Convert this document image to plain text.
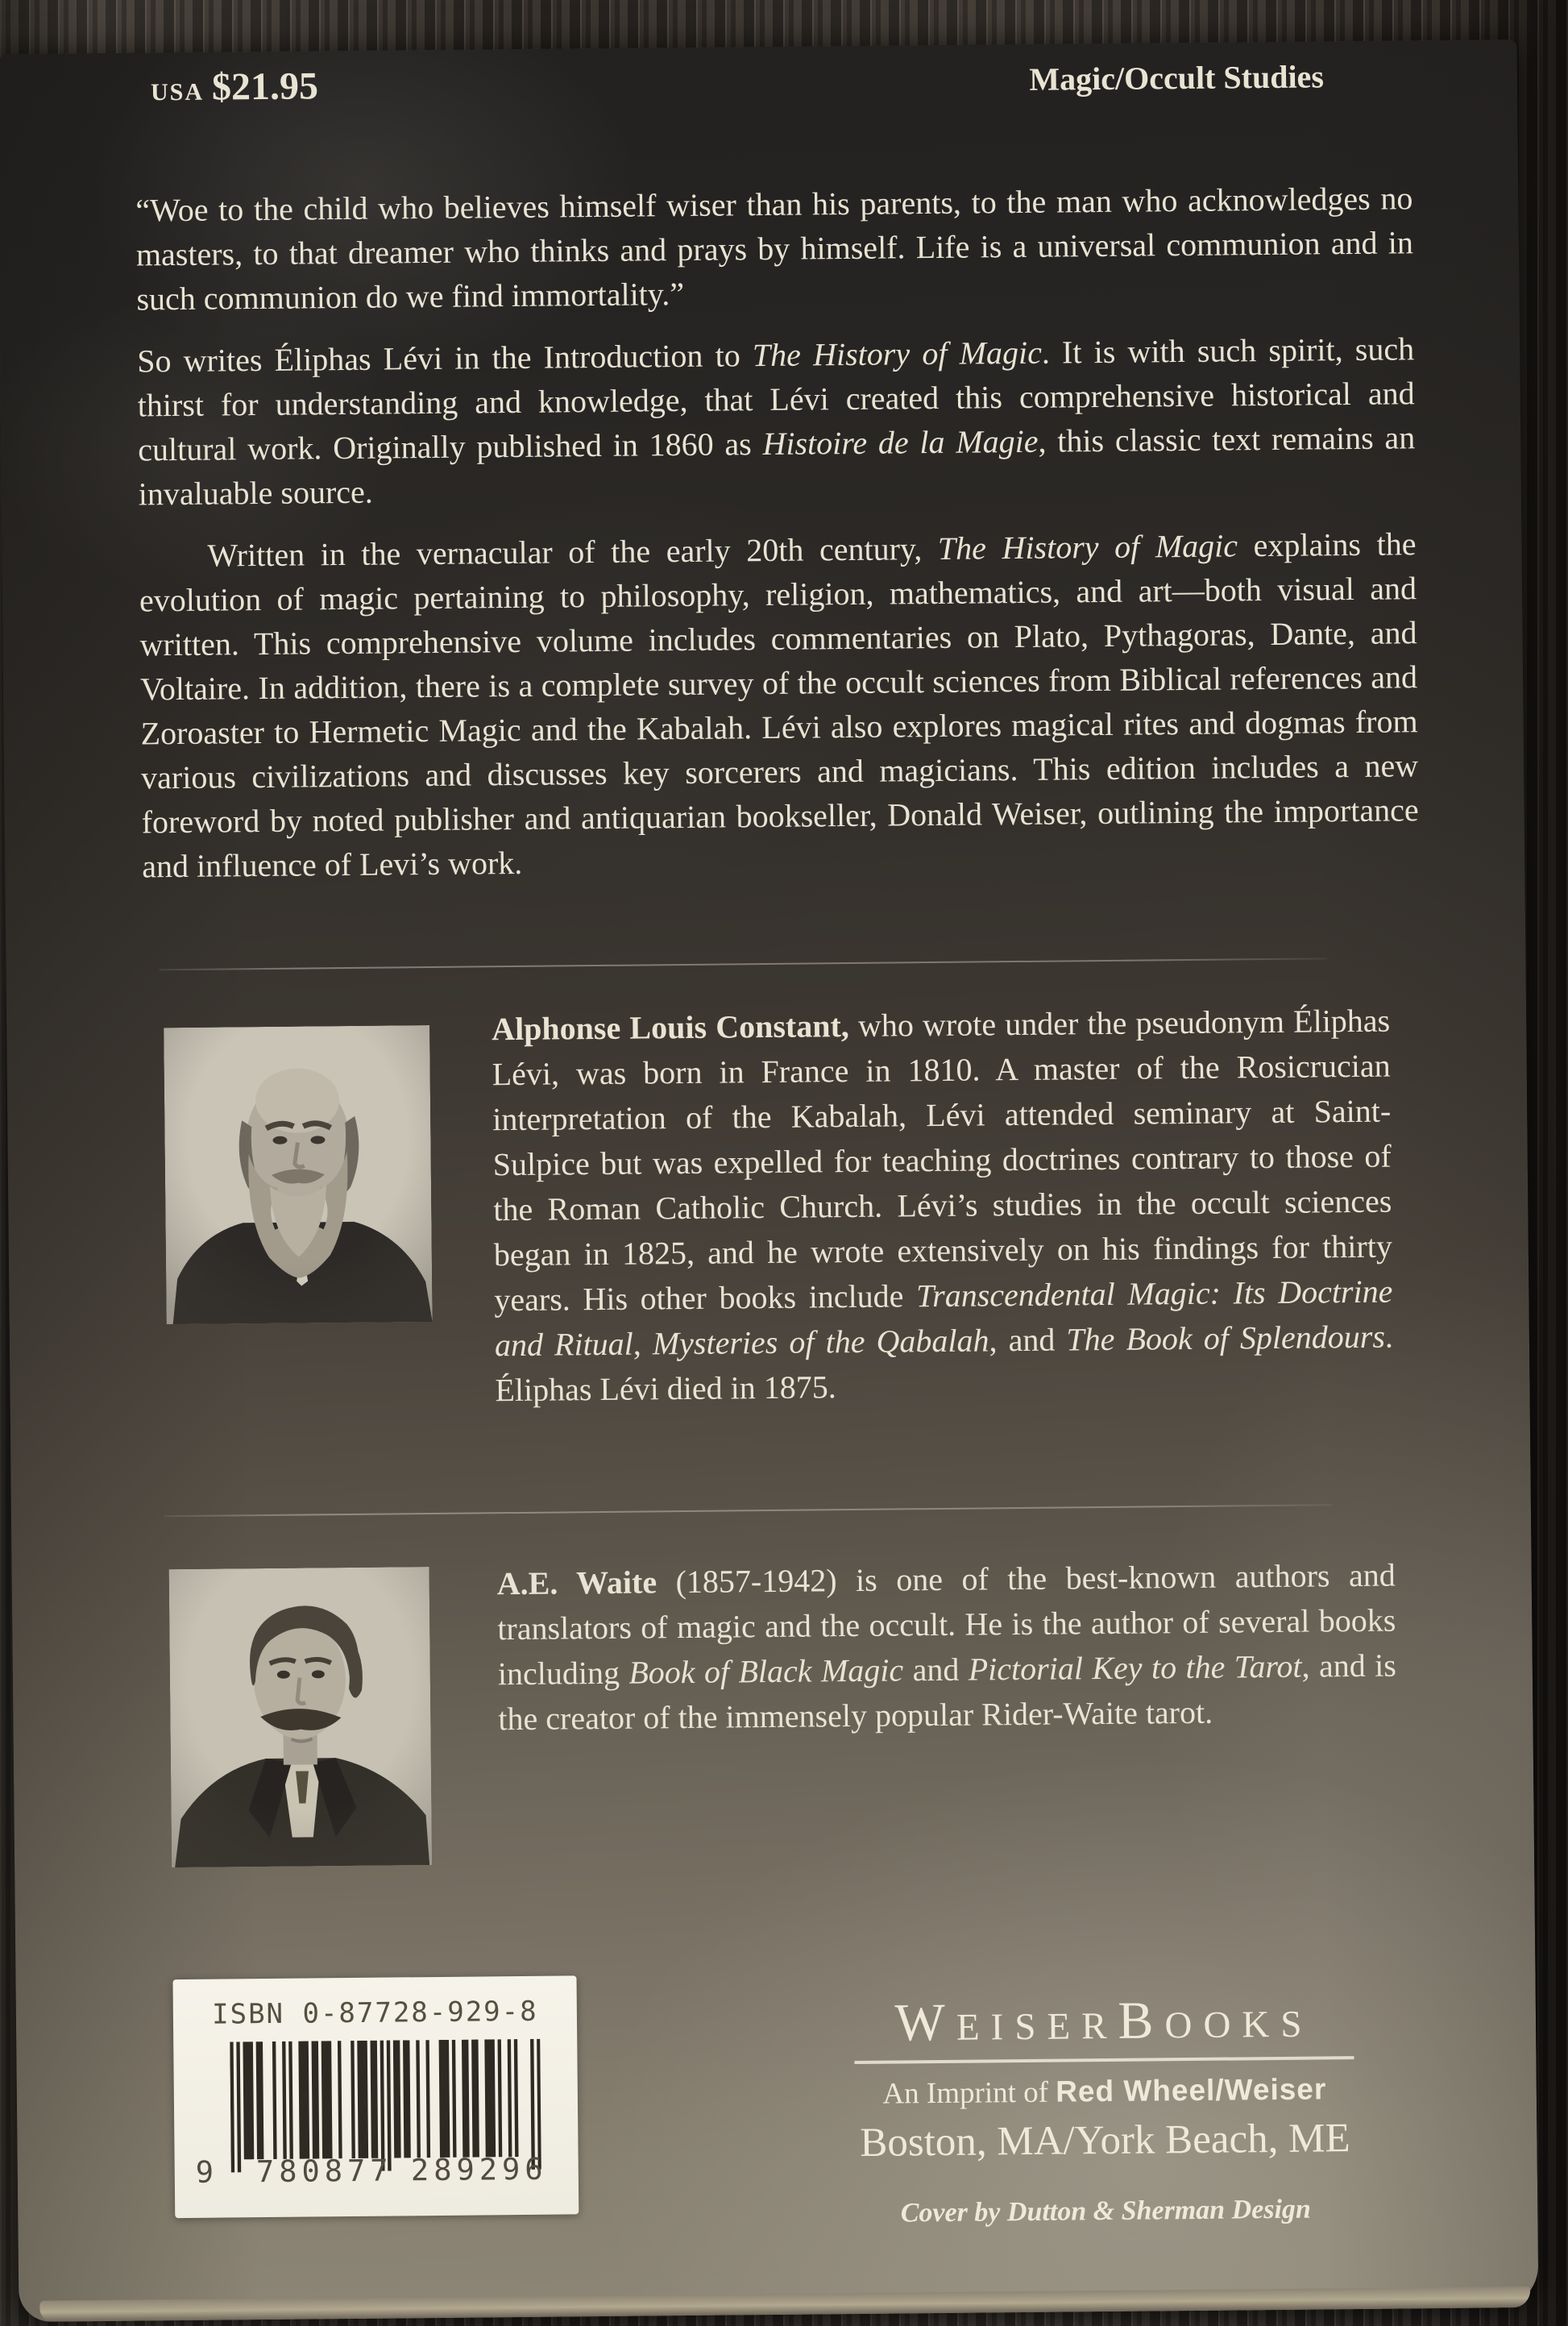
USA $21.95	Magic/Occult Studies

“Woe to the child who believes himself wiser than his parents, to the man who acknowledges no masters, to that dreamer who thinks and prays by himself. Life is a universal communion and in such communion do we find immortality.”

So writes Éliphas Lévi in the Introduction to The History of Magic. It is with such spirit, such thirst for understanding and knowledge, that Lévi created this comprehensive historical and cultural work. Originally published in 1860 as Histoire de la Magie, this classic text remains an invaluable source.

Written in the vernacular of the early 20th century, The History of Magic explains the evolution of magic pertaining to philosophy, religion, mathematics, and art—both visual and written. This comprehensive volume includes commentaries on Plato, Pythagoras, Dante, and Voltaire. In addition, there is a complete survey of the occult sciences from Biblical references and Zoroaster to Hermetic Magic and the Kabalah. Lévi also explores magical rites and dogmas from various civilizations and discusses key sorcerers and magicians. This edition includes a new foreword by noted publisher and antiquarian bookseller, Donald Weiser, outlining the importance and influence of Levi’s work.

Alphonse Louis Constant, who wrote under the pseudonym Éliphas Lévi, was born in France in 1810. A master of the Rosicrucian interpretation of the Kabalah, Lévi attended seminary at Saint-Sulpice but was expelled for teaching doctrines contrary to those of the Roman Catholic Church. Lévi’s studies in the occult sciences began in 1825, and he wrote extensively on his findings for thirty years. His other books include Transcendental Magic: Its Doctrine and Ritual, Mysteries of the Qabalah, and The Book of Splendours. Éliphas Lévi died in 1875.
A.E. Waite (1857-1942) is one of the best-known authors and translators of magic and the occult. He is the author of several books including Book of Black Magic and Pictorial Key to the Tarot, and is the creator of the immensely popular Rider-Waite tarot.
ISBN 0-87728-929-8
9 780877 289296
WEISERBOOKS
An Imprint of Red Wheel/Weiser
Boston, MA/York Beach, ME
Cover by Dutton & Sherman Design
